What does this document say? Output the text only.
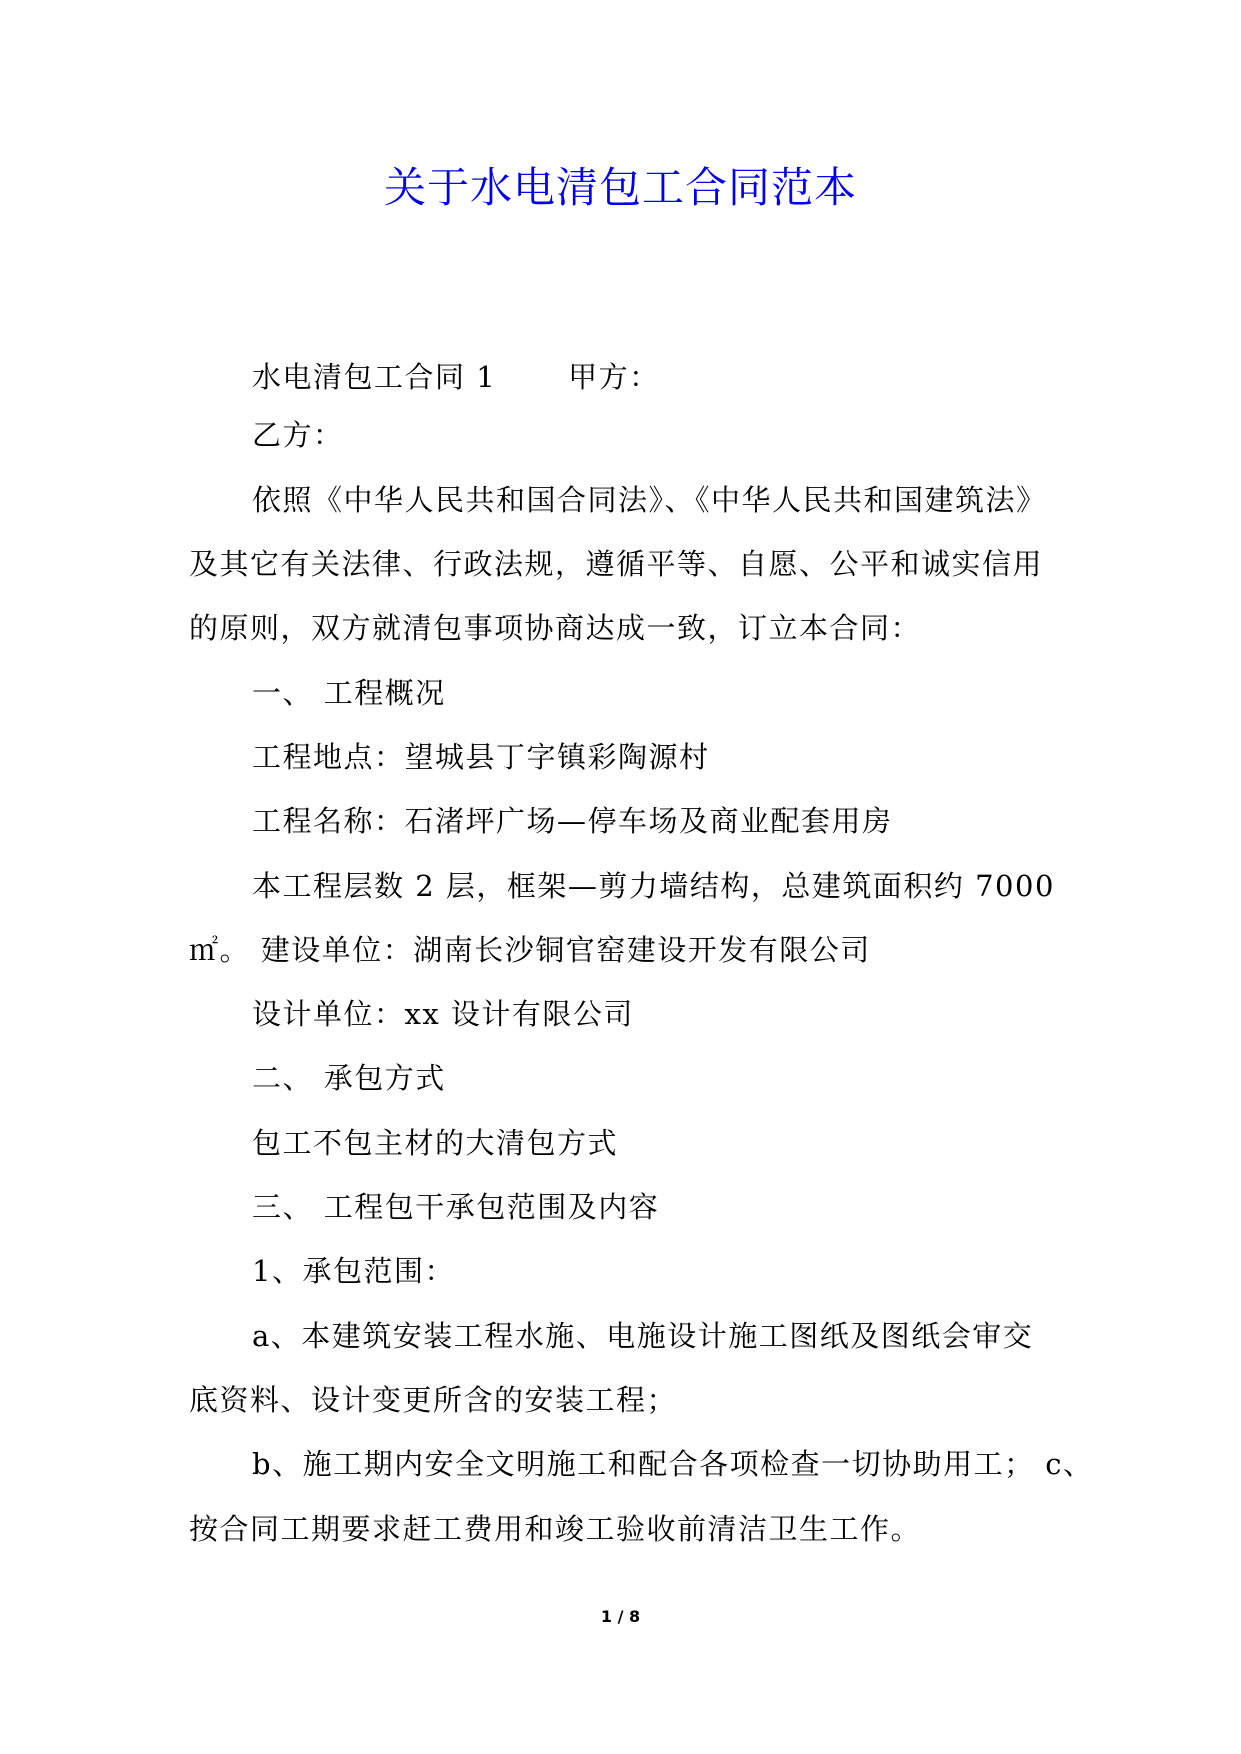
关于水电清包工合同范本
水电清包工合同 1 甲方：
乙方：
依照《中华人民共和国合同法》、《中华人民共和国建筑法》
及其它有关法律、行政法规，遵循平等、自愿、公平和诚实信用
的原则，双方就清包事项协商达成一致，订立本合同：
一、 工程概况
工程地点：望城县丁字镇彩陶源村
工程名称：石渚坪广场—停车场及商业配套用房
本工程层数 2 层，框架—剪力墙结构，总建筑面积约 7000
㎡。 建设单位：湖南长沙铜官窑建设开发有限公司
设计单位：xx 设计有限公司
二、 承包方式
包工不包主材的大清包方式
三、 工程包干承包范围及内容
1、承包范围：
a、本建筑安装工程水施、电施设计施工图纸及图纸会审交
底资料、设计变更所含的安装工程；
b、施工期内安全文明施工和配合各项检查一切协助用工； c、
按合同工期要求赶工费用和竣工验收前清洁卫生工作。
1 / 8
